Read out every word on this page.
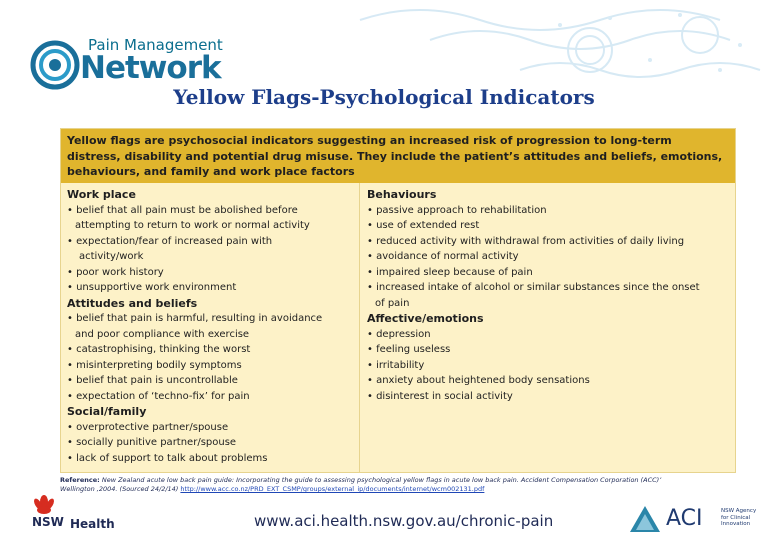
Pain Management
Network
Yellow Flags-Psychological Indicators
Yellow flags are psychosocial indicators suggesting an increased risk of progression to long-term distress, disability and potential drug misuse. They include the patient’s attitudes and beliefs, emotions, behaviours, and family and work place factors
Work place
• belief that all pain must be abolished before
attempting to return to work or normal activity
• expectation/fear of increased pain with
activity/work
• poor work history
• unsupportive work environment
Attitudes and beliefs
• belief that pain is harmful, resulting in avoidance
and poor compliance with exercise
• catastrophising, thinking the worst
• misinterpreting bodily symptoms
• belief that pain is uncontrollable
• expectation of ‘techno-fix’ for pain
Social/family
• overprotective partner/spouse
• socially punitive partner/spouse
• lack of support to talk about problems
Behaviours
• passive approach to rehabilitation
• use of extended rest
• reduced activity with withdrawal from activities of daily living
• avoidance of normal activity
• impaired sleep because of pain
• increased intake of alcohol or similar substances since the onset
of pain
Affective/emotions
• depression
• feeling useless
• irritability
• anxiety about heightened body sensations
• disinterest in social activity
Reference: New Zealand acute low back pain guide: Incorporating the guide to assessing psychological yellow flags in acute low back pain. Accident Compensation Corporation (ACC)’
Wellington ,2004. (Sourced 24/2/14) http://www.acc.co.nz/PRD_EXT_CSMP/groups/external_ip/documents/internet/wcm002131.pdf
NSW Health	www.aci.health.nsw.gov.au/chronic-pain	ACI	NSW Agency for Clinical Innovation
